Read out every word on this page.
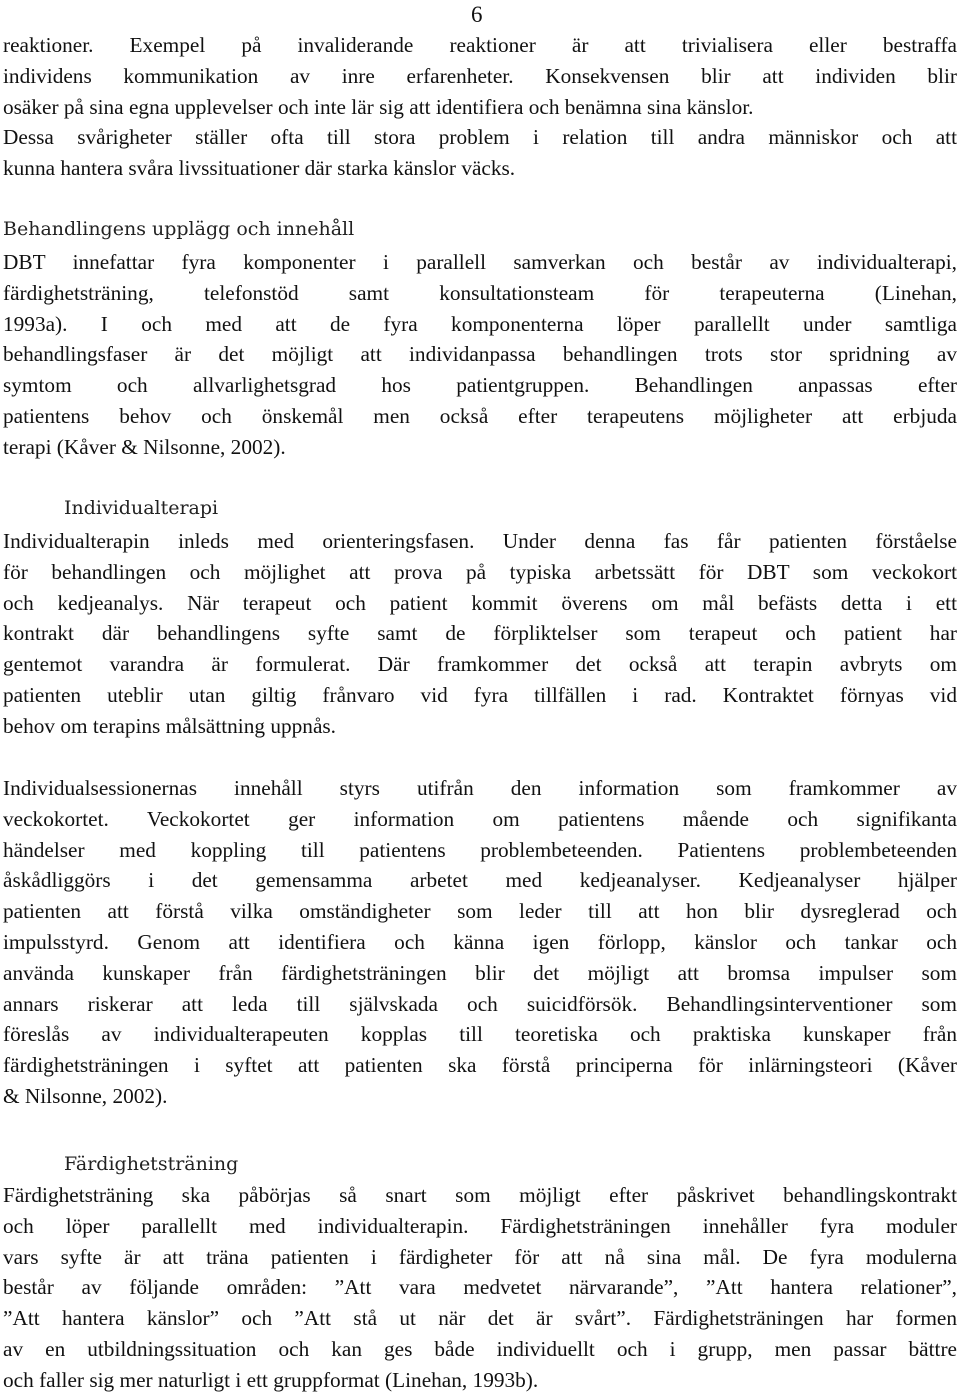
6
reaktioner. Exempel på invaliderande reaktioner är att trivialisera eller bestraffa
individens kommunikation av inre erfarenheter. Konsekvensen blir att individen blir
osäker på sina egna upplevelser och inte lär sig att identifiera och benämna sina känslor.
Dessa svårigheter ställer ofta till stora problem i relation till andra människor och att
kunna hantera svåra livssituationer där starka känslor väcks.
Behandlingens upplägg och innehåll
DBT innefattar fyra komponenter i parallell samverkan och består av individualterapi,
färdighetsträning, telefonstöd samt konsultationsteam för terapeuterna (Linehan,
1993a). I och med att de fyra komponenterna löper parallellt under samtliga
behandlingsfaser är det möjligt att individanpassa behandlingen trots stor spridning av
symtom och allvarlighetsgrad hos patientgruppen. Behandlingen anpassas efter
patientens behov och önskemål men också efter terapeutens möjligheter att erbjuda
terapi (Kåver & Nilsonne, 2002).
Individualterapi
Individualterapin inleds med orienteringsfasen. Under denna fas får patienten förståelse
för behandlingen och möjlighet att prova på typiska arbetssätt för DBT som veckokort
och kedjeanalys. När terapeut och patient kommit överens om mål befästs detta i ett
kontrakt där behandlingens syfte samt de förpliktelser som terapeut och patient har
gentemot varandra är formulerat. Där framkommer det också att terapin avbryts om
patienten uteblir utan giltig frånvaro vid fyra tillfällen i rad. Kontraktet förnyas vid
behov om terapins målsättning uppnås.
Individualsessionernas innehåll styrs utifrån den information som framkommer av
veckokortet. Veckokortet ger information om patientens mående och signifikanta
händelser med koppling till patientens problembeteenden. Patientens problembeteenden
åskådliggörs i det gemensamma arbetet med kedjeanalyser. Kedjeanalyser hjälper
patienten att förstå vilka omständigheter som leder till att hon blir dysreglerad och
impulsstyrd. Genom att identifiera och känna igen förlopp, känslor och tankar och
använda kunskaper från färdighetsträningen blir det möjligt att bromsa impulser som
annars riskerar att leda till självskada och suicidförsök. Behandlingsinterventioner som
föreslås av individualterapeuten kopplas till teoretiska och praktiska kunskaper från
färdighetsträningen i syftet att patienten ska förstå principerna för inlärningsteori (Kåver
& Nilsonne, 2002).
Färdighetsträning
Färdighetsträning ska påbörjas så snart som möjligt efter påskrivet behandlingskontrakt
och löper parallellt med individualterapin. Färdighetsträningen innehåller fyra moduler
vars syfte är att träna patienten i färdigheter för att nå sina mål. De fyra modulerna
består av följande områden: ”Att vara medvetet närvarande”, ”Att hantera relationer”,
”Att hantera känslor” och ”Att stå ut när det är svårt”. Färdighetsträningen har formen
av en utbildningssituation och kan ges både individuellt och i grupp, men passar bättre
och faller sig mer naturligt i ett gruppformat (Linehan, 1993b).
